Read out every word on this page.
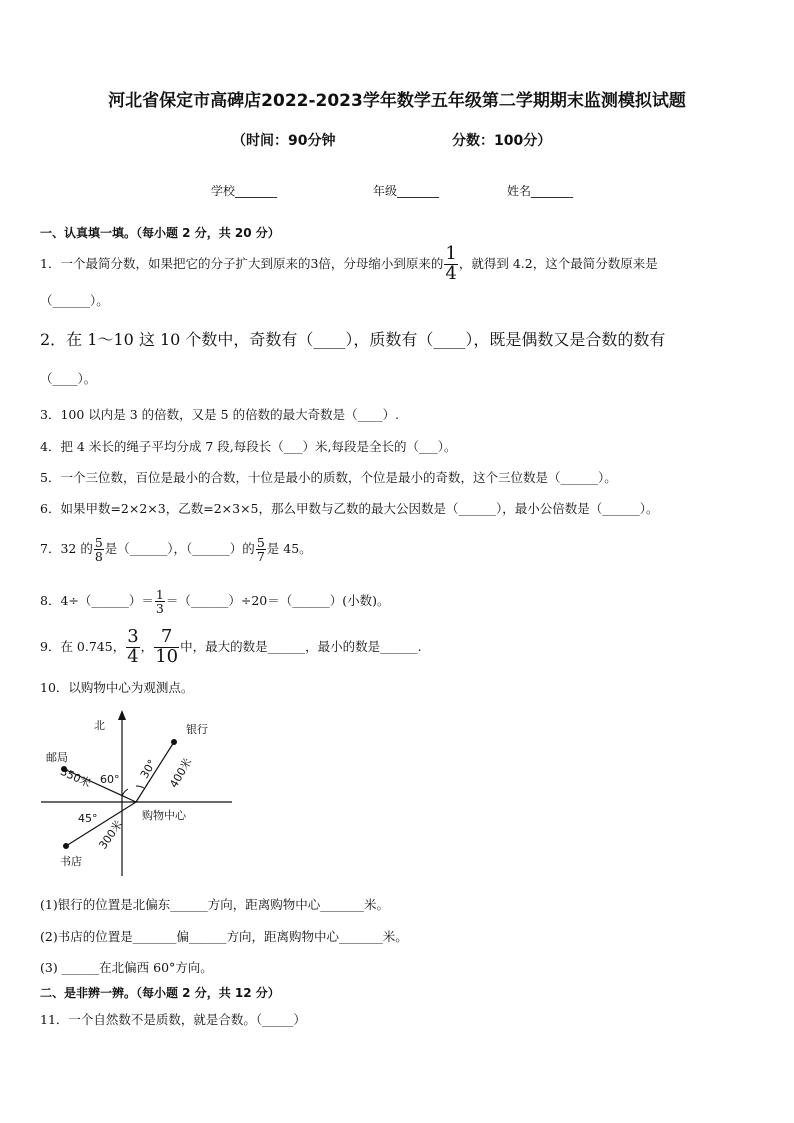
河北省保定市高碑店2022-2023学年数学五年级第二学期期末监测模拟试题
（时间：90分钟	分数：100分）
学校_______	年级_______	姓名_______
一、认真填一填。（每小题 2 分，共 20 分）
1．一个最简分数，如果把它的分子扩大到原来的3倍，分母缩小到原来的 $\frac{1}{4}$ ，就得到 4.2，这个最简分数原来是
（______）。
2．在 1～10 这 10 个数中，奇数有（____），质数有（____），既是偶数又是合数的数有
（____）。
3．100 以内是 3 的倍数，又是 5 的倍数的最大奇数是（____）.
4．把 4 米长的绳子平均分成 7 段,每段长（___）米,每段是全长的（___）。
5．一个三位数，百位是最小的合数，十位是最小的质数，个位是最小的奇数，这个三位数是（______）。
6．如果甲数=2×2×3，乙数=2×3×5，那么甲数与乙数的最大公因数是（______），最小公倍数是（______）。
7．32 的 $\frac{5}{8}$ 是（______），（______）的 $\frac{5}{7}$ 是 45。
8．4÷（______）＝ $\frac{1}{3}$ ＝（______）÷20＝（______）(小数)。
9．在 0.745， $\frac{3}{4}$ ， $\frac{7}{10}$ 中，最大的数是______，最小的数是______.
10．以购物中心为观测点。
北	银行
邮局
购物中心
书店
60° 30°
45°
350米	400米
300米
(1)银行的位置是北偏东______方向，距离购物中心_______米。
(2)书店的位置是_______偏______方向，距离购物中心_______米。
(3) ______在北偏西 60°方向。
二、是非辨一辨。（每小题 2 分，共 12 分）
11．一个自然数不是质数，就是合数。（_____）
